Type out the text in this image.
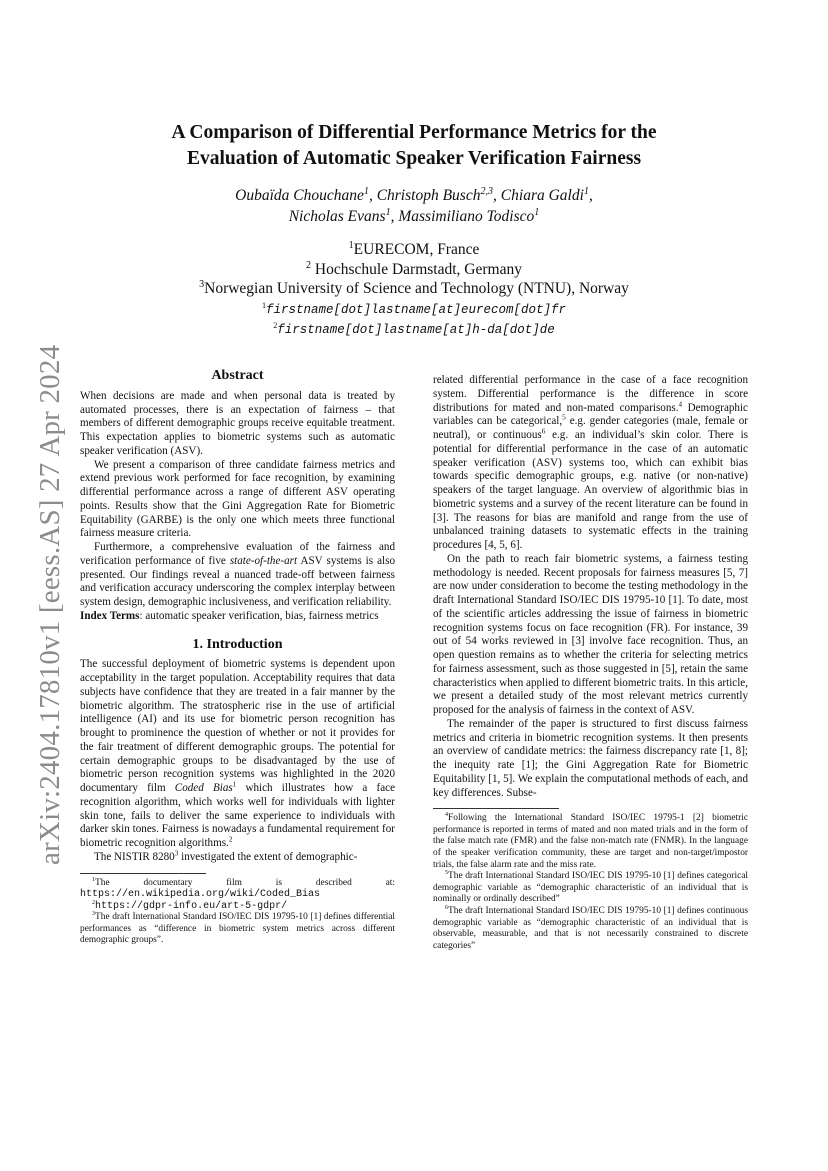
arXiv:2404.17810v1 [eess.AS] 27 Apr 2024
A Comparison of Differential Performance Metrics for the
Evaluation of Automatic Speaker Verification Fairness
Oubaïda Chouchane$^1$, Christoph Busch$^{2,3}$, Chiara Galdi$^1$,
Nicholas Evans$^1$, Massimiliano Todisco$^1$
$^1$EURECOM, France
$^2$ Hochschule Darmstadt, Germany
$^3$Norwegian University of Science and Technology (NTNU), Norway
$^1$firstname[dot]lastname[at]eurecom[dot]fr
$^2$firstname[dot]lastname[at]h-da[dot]de
Abstract

When decisions are made and when personal data is treated by automated processes, there is an expectation of fairness – that members of different demographic groups receive equitable treatment. This expectation applies to biometric systems such as automatic speaker verification (ASV).

We present a comparison of three candidate fairness metrics and extend previous work performed for face recognition, by examining differential performance across a range of different ASV operating points. Results show that the Gini Aggregation Rate for Biometric Equitability (GARBE) is the only one which meets three functional fairness measure criteria.

Furthermore, a comprehensive evaluation of the fairness and verification performance of five state-of-the-art ASV systems is also presented. Our findings reveal a nuanced trade-off between fairness and verification accuracy underscoring the complex interplay between system design, demographic inclusiveness, and verification reliability.

Index Terms: automatic speaker verification, bias, fairness metrics

1. Introduction

The successful deployment of biometric systems is dependent upon acceptability in the target population. Acceptability requires that data subjects have confidence that they are treated in a fair manner by the biometric algorithm. The stratospheric rise in the use of artificial intelligence (AI) and its use for biometric person recognition has brought to prominence the question of whether or not it provides for the fair treatment of different demographic groups. The potential for certain demographic groups to be disadvantaged by the use of biometric person recognition systems was highlighted in the 2020 documentary film Coded Bias$^1$ which illustrates how a face recognition algorithm, which works well for individuals with lighter skin tone, fails to deliver the same experience to individuals with darker skin tones. Fairness is nowadays a fundamental requirement for biometric recognition algorithms.$^2$

The NISTIR 8280$^3$ investigated the extent of demographic-

$^1$The documentary film is described at: https://en.wikipedia.org/wiki/Coded_Bias
$^2$https://gdpr-info.eu/art-5-gdpr/
$^3$The draft International Standard ISO/IEC DIS 19795-10 [1] defines differential performances as “difference in biometric system metrics across different demographic groups”.

related differential performance in the case of a face recognition system. Differential performance is the difference in score distributions for mated and non-mated comparisons.$^4$ Demographic variables can be categorical,$^5$ e.g. gender categories (male, female or neutral), or continuous$^6$ e.g. an individual’s skin color. There is potential for differential performance in the case of an automatic speaker verification (ASV) systems too, which can exhibit bias towards specific demographic groups, e.g. native (or non-native) speakers of the target language. An overview of algorithmic bias in biometric systems and a survey of the recent literature can be found in [3]. The reasons for bias are manifold and range from the use of unbalanced training datasets to systematic effects in the training procedures [4, 5, 6].

On the path to reach fair biometric systems, a fairness testing methodology is needed. Recent proposals for fairness measures [5, 7] are now under consideration to become the testing methodology in the draft International Standard ISO/IEC DIS 19795-10 [1]. To date, most of the scientific articles addressing the issue of fairness in biometric recognition systems focus on face recognition (FR). For instance, 39 out of 54 works reviewed in [3] involve face recognition. Thus, an open question remains as to whether the criteria for selecting metrics for fairness assessment, such as those suggested in [5], retain the same characteristics when applied to different biometric traits. In this article, we present a detailed study of the most relevant metrics currently proposed for the analysis of fairness in the context of ASV.

The remainder of the paper is structured to first discuss fairness metrics and criteria in biometric recognition systems. It then presents an overview of candidate metrics: the fairness discrepancy rate [1, 8]; the inequity rate [1]; the Gini Aggregation Rate for Biometric Equitability [1, 5]. We explain the computational methods of each, and key differences. Subse-

$^4$Following the International Standard ISO/IEC 19795-1 [2] biometric performance is reported in terms of mated and non mated trials and in the form of the false match rate (FMR) and the false non-match rate (FNMR). In the language of the speaker verification community, these are target and non-target/impostor trials, the false alarm rate and the miss rate.
$^5$The draft International Standard ISO/IEC DIS 19795-10 [1] defines categorical demographic variable as “demographic characteristic of an individual that is nominally or ordinally described”
$^6$The draft International Standard ISO/IEC DIS 19795-10 [1] defines continuous demographic variable as “demographic characteristic of an individual that is observable, measurable, and that is not necessarily constrained to discrete categories”
